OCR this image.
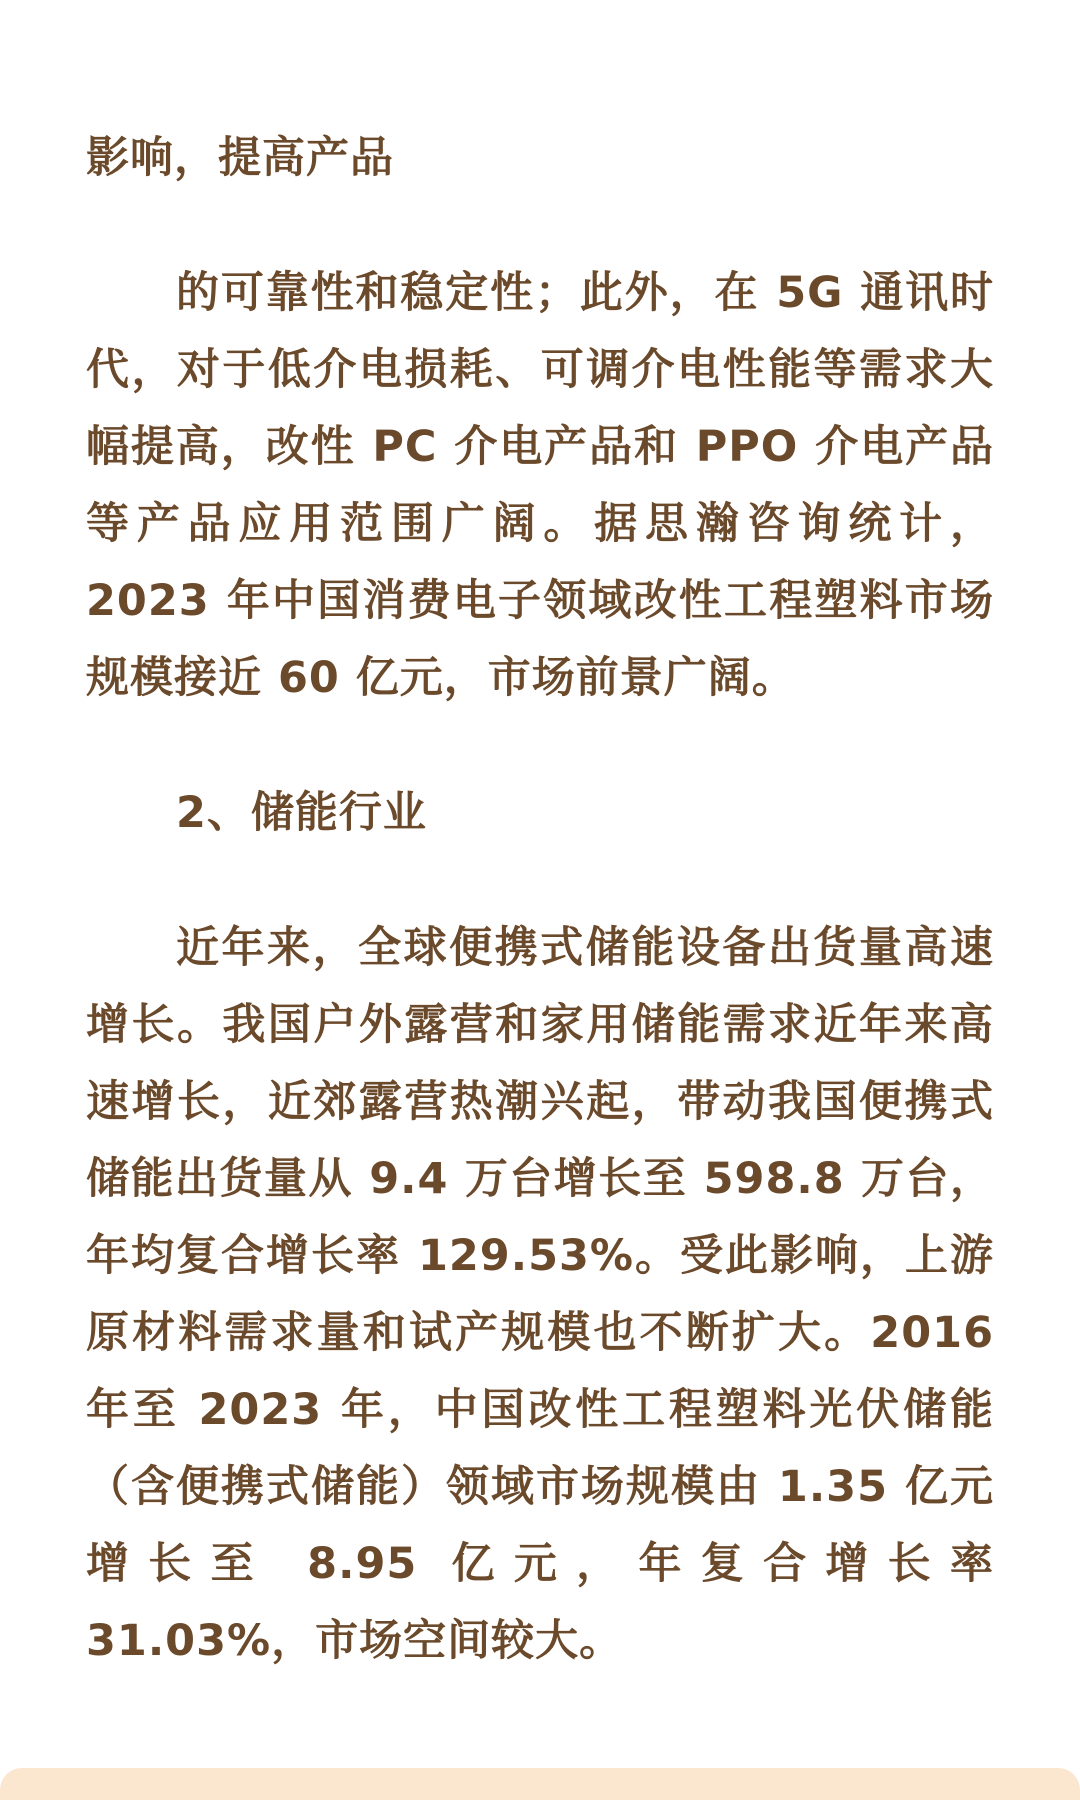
影响，提高产品

的可靠性和稳定性；此外，在 5G 通讯时代，对于低介电损耗、可调介电性能等需求大幅提高，改性 PC 介电产品和 PPO 介电产品等产品应用范围广阔。据思瀚咨询统计，2023 年中国消费电子领域改性工程塑料市场规模接近 60 亿元，市场前景广阔。

2、储能行业

近年来，全球便携式储能设备出货量高速增长。我国户外露营和家用储能需求近年来高速增长，近郊露营热潮兴起，带动我国便携式储能出货量从 9.4 万台增长至 598.8 万台，年均复合增长率 129.53%。受此影响，上游原材料需求量和试产规模也不断扩大。2016 年至 2023 年，中国改性工程塑料光伏储能（含便携式储能）领域市场规模由 1.35 亿元增长至 8.95 亿元，年复合增长率 31.03%，市场空间较大。
